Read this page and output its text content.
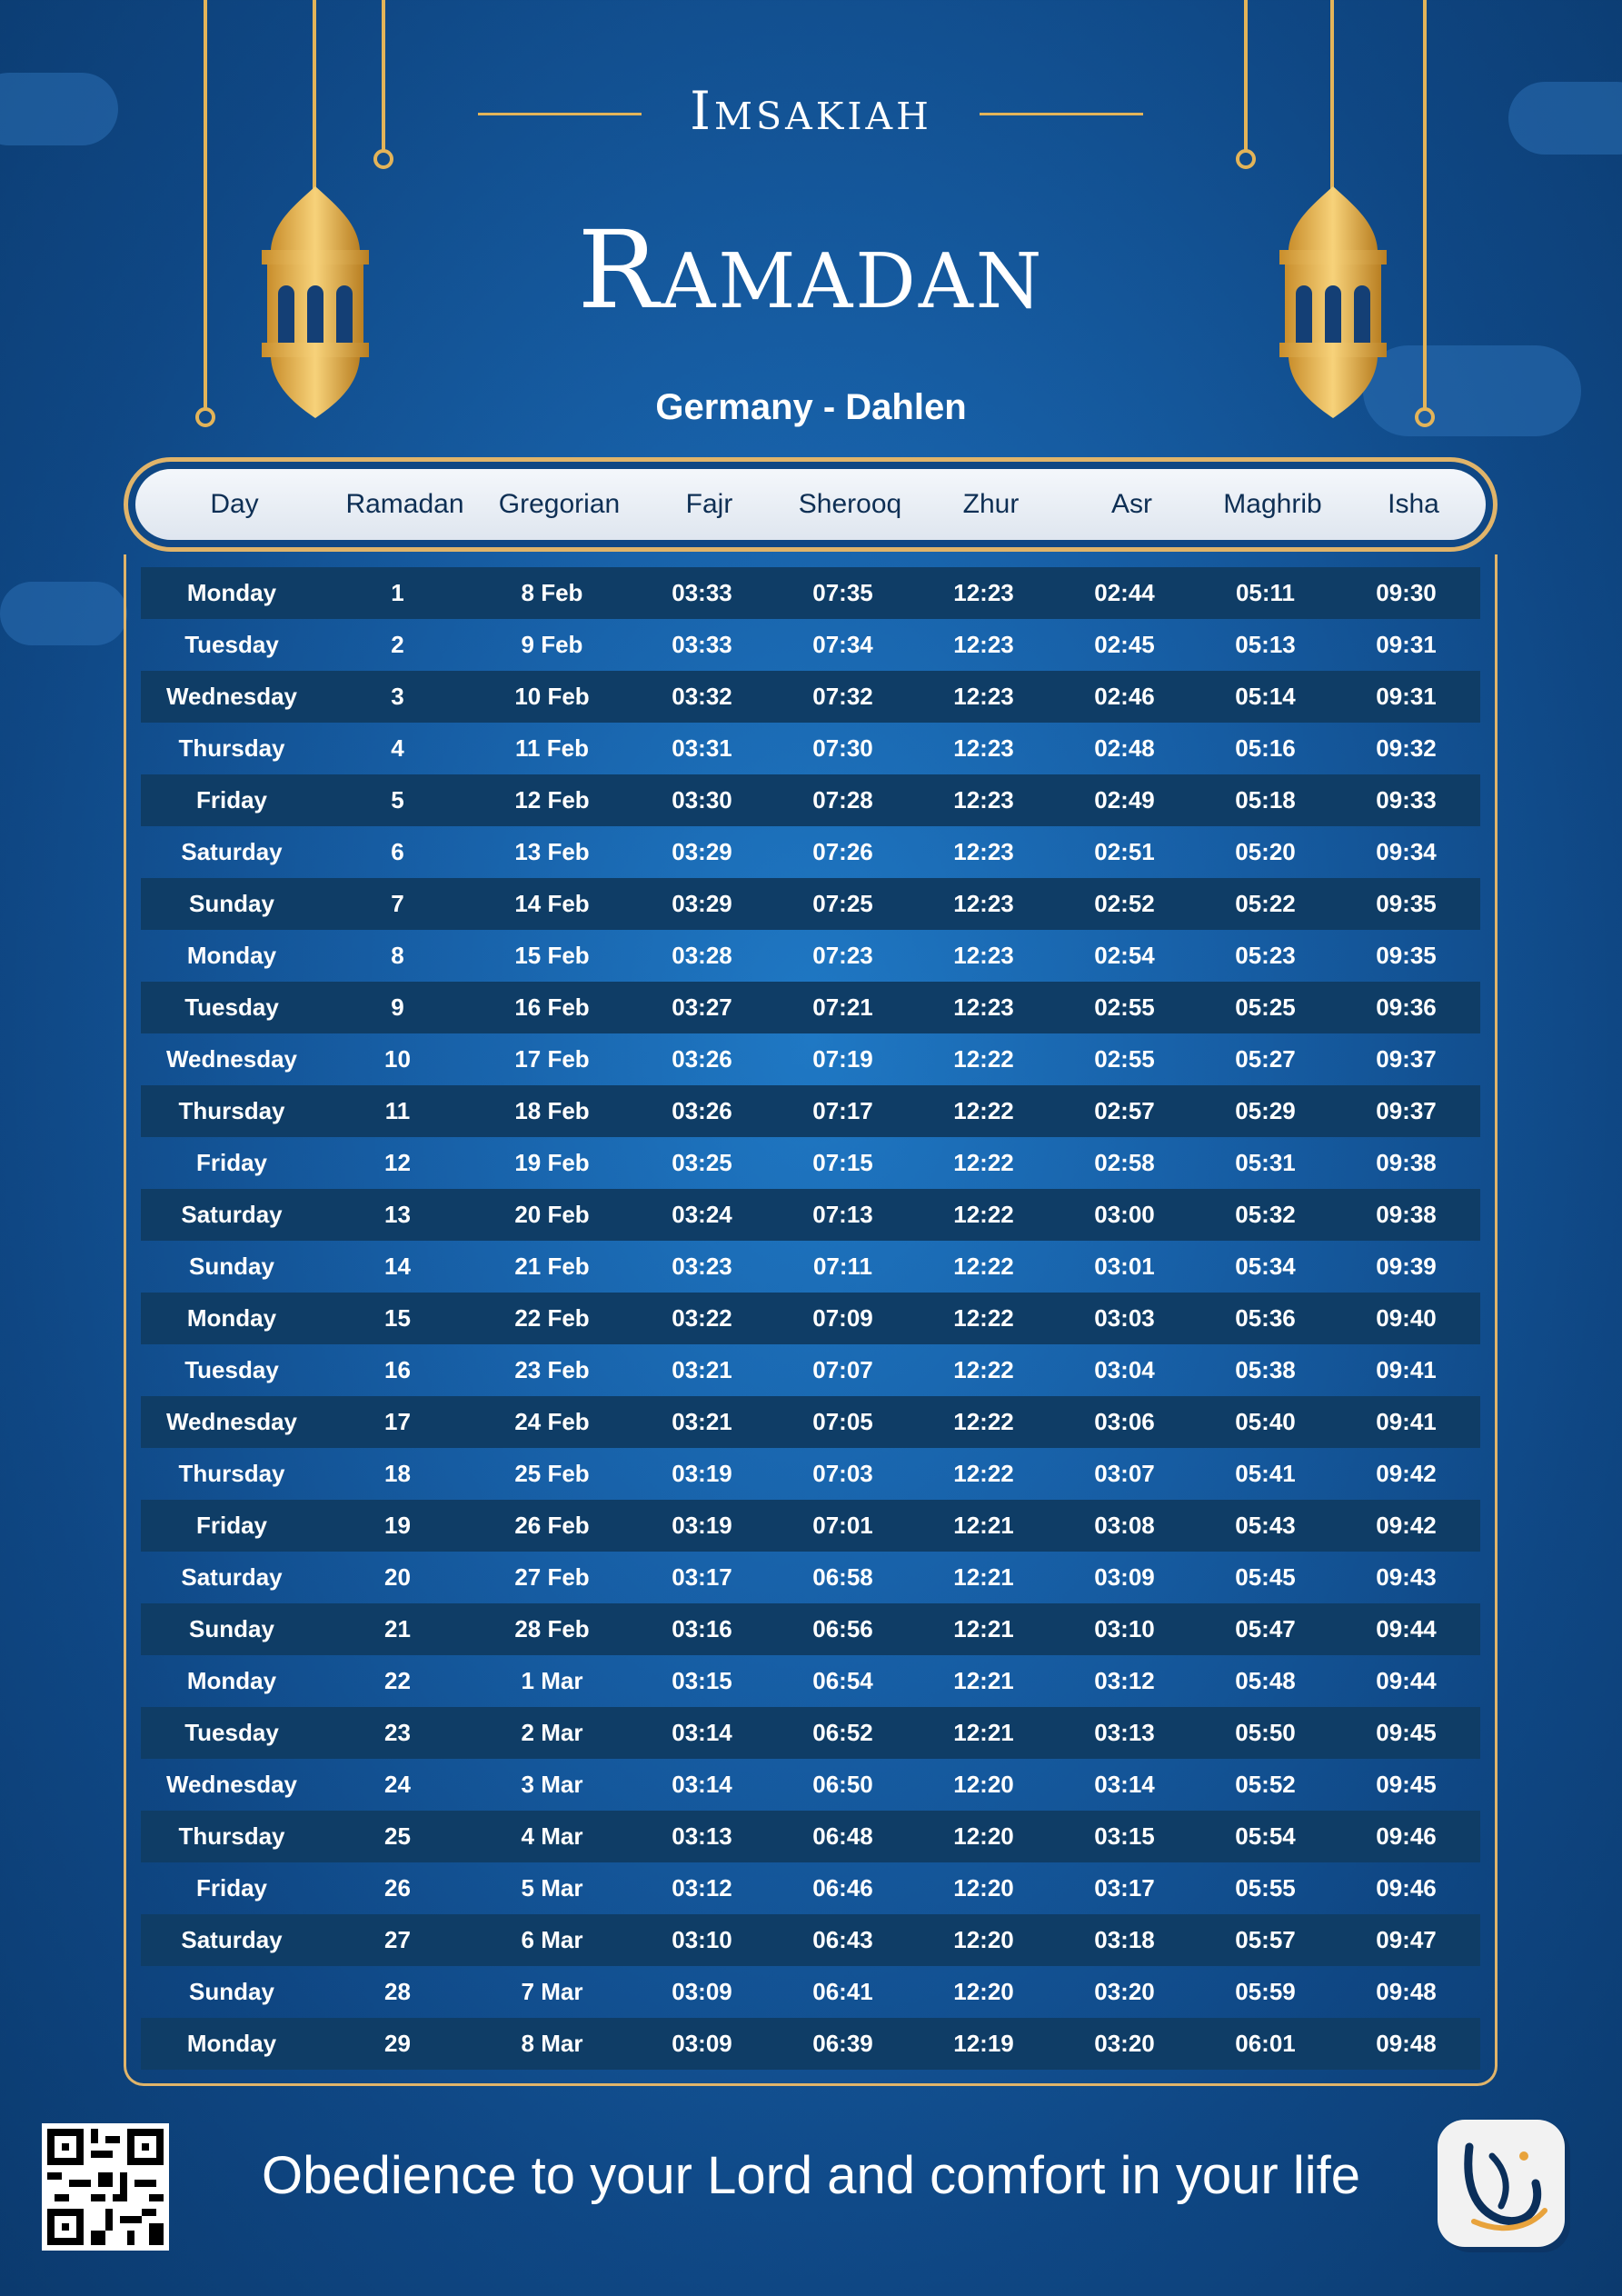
Imsakiah
Ramadan
Germany - Dahlen
Day	Ramadan	Gregorian	Fajr	Sherooq	Zhur	Asr	Maghrib	Isha
Monday	1	8 Feb	03:33	07:35	12:23	02:44	05:11	09:30
Tuesday	2	9 Feb	03:33	07:34	12:23	02:45	05:13	09:31
Wednesday	3	10 Feb	03:32	07:32	12:23	02:46	05:14	09:31
Thursday	4	11 Feb	03:31	07:30	12:23	02:48	05:16	09:32
Friday	5	12 Feb	03:30	07:28	12:23	02:49	05:18	09:33
Saturday	6	13 Feb	03:29	07:26	12:23	02:51	05:20	09:34
Sunday	7	14 Feb	03:29	07:25	12:23	02:52	05:22	09:35
Monday	8	15 Feb	03:28	07:23	12:23	02:54	05:23	09:35
Tuesday	9	16 Feb	03:27	07:21	12:23	02:55	05:25	09:36
Wednesday	10	17 Feb	03:26	07:19	12:22	02:55	05:27	09:37
Thursday	11	18 Feb	03:26	07:17	12:22	02:57	05:29	09:37
Friday	12	19 Feb	03:25	07:15	12:22	02:58	05:31	09:38
Saturday	13	20 Feb	03:24	07:13	12:22	03:00	05:32	09:38
Sunday	14	21 Feb	03:23	07:11	12:22	03:01	05:34	09:39
Monday	15	22 Feb	03:22	07:09	12:22	03:03	05:36	09:40
Tuesday	16	23 Feb	03:21	07:07	12:22	03:04	05:38	09:41
Wednesday	17	24 Feb	03:21	07:05	12:22	03:06	05:40	09:41
Thursday	18	25 Feb	03:19	07:03	12:22	03:07	05:41	09:42
Friday	19	26 Feb	03:19	07:01	12:21	03:08	05:43	09:42
Saturday	20	27 Feb	03:17	06:58	12:21	03:09	05:45	09:43
Sunday	21	28 Feb	03:16	06:56	12:21	03:10	05:47	09:44
Monday	22	1 Mar	03:15	06:54	12:21	03:12	05:48	09:44
Tuesday	23	2 Mar	03:14	06:52	12:21	03:13	05:50	09:45
Wednesday	24	3 Mar	03:14	06:50	12:20	03:14	05:52	09:45
Thursday	25	4 Mar	03:13	06:48	12:20	03:15	05:54	09:46
Friday	26	5 Mar	03:12	06:46	12:20	03:17	05:55	09:46
Saturday	27	6 Mar	03:10	06:43	12:20	03:18	05:57	09:47
Sunday	28	7 Mar	03:09	06:41	12:20	03:20	05:59	09:48
Monday	29	8 Mar	03:09	06:39	12:19	03:20	06:01	09:48
Obedience to your Lord and comfort in your life
